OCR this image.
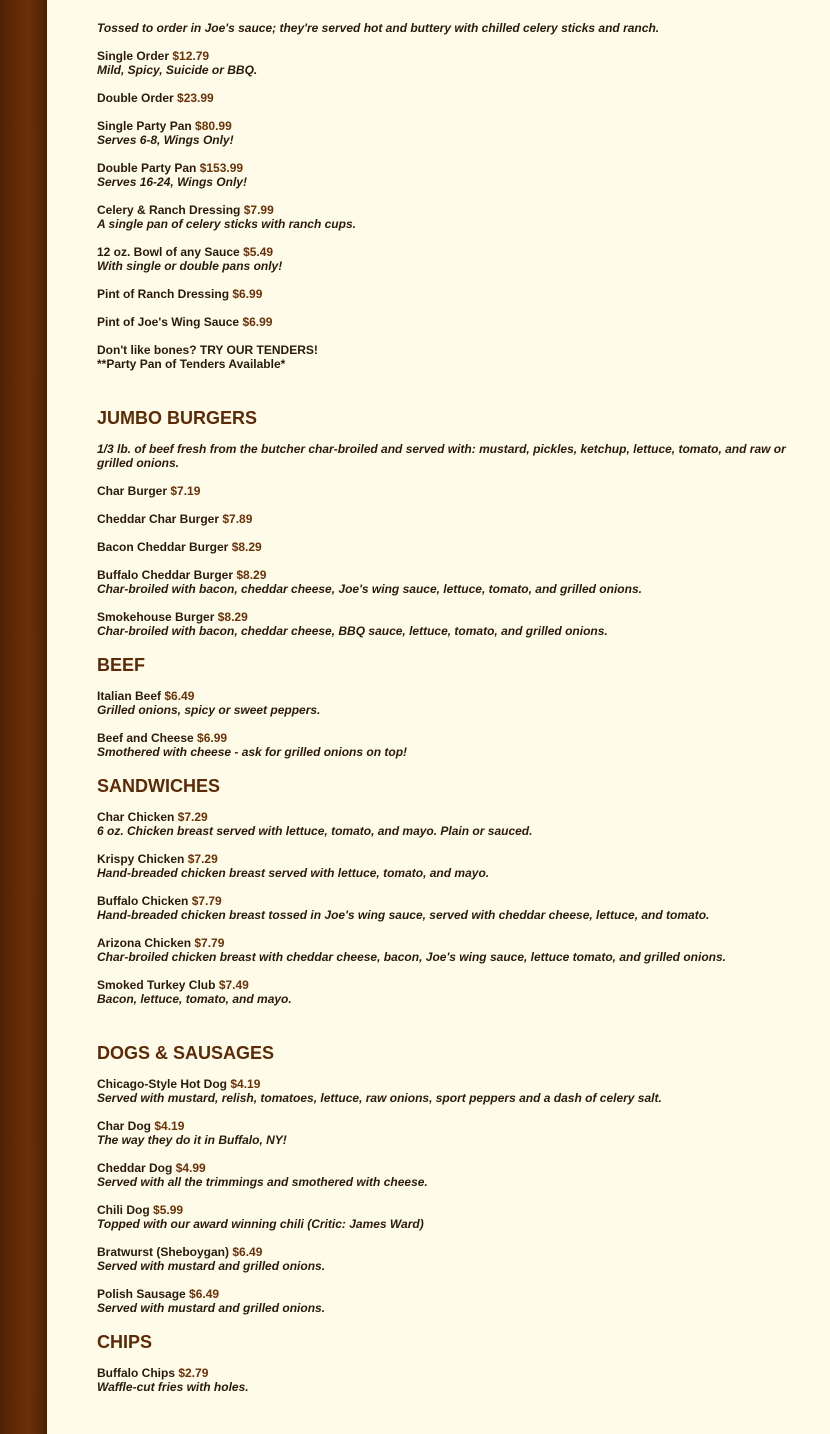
Tossed to order in Joe's sauce; they're served hot and buttery with chilled celery sticks and ranch.

Single Order $12.79
Mild, Spicy, Suicide or BBQ.

Double Order $23.99

Single Party Pan $80.99
Serves 6-8, Wings Only!

Double Party Pan $153.99
Serves 16-24, Wings Only!

Celery & Ranch Dressing $7.99
A single pan of celery sticks with ranch cups.

12 oz. Bowl of any Sauce $5.49
With single or double pans only!

Pint of Ranch Dressing $6.99

Pint of Joe's Wing Sauce $6.99

Don't like bones? TRY OUR TENDERS!
**Party Pan of Tenders Available*

JUMBO BURGERS

1/3 lb. of beef fresh from the butcher char-broiled and served with: mustard, pickles, ketchup, lettuce, tomato, and raw or grilled onions.

Char Burger $7.19

Cheddar Char Burger $7.89

Bacon Cheddar Burger $8.29

Buffalo Cheddar Burger $8.29
Char-broiled with bacon, cheddar cheese, Joe's wing sauce, lettuce, tomato, and grilled onions.

Smokehouse Burger $8.29
Char-broiled with bacon, cheddar cheese, BBQ sauce, lettuce, tomato, and grilled onions.

BEEF

Italian Beef $6.49
Grilled onions, spicy or sweet peppers.

Beef and Cheese $6.99
Smothered with cheese - ask for grilled onions on top!

SANDWICHES

Char Chicken $7.29
6 oz. Chicken breast served with lettuce, tomato, and mayo. Plain or sauced.

Krispy Chicken $7.29
Hand-breaded chicken breast served with lettuce, tomato, and mayo.

Buffalo Chicken $7.79
Hand-breaded chicken breast tossed in Joe's wing sauce, served with cheddar cheese, lettuce, and tomato.

Arizona Chicken $7.79
Char-broiled chicken breast with cheddar cheese, bacon, Joe's wing sauce, lettuce tomato, and grilled onions.

Smoked Turkey Club $7.49
Bacon, lettuce, tomato, and mayo.

DOGS & SAUSAGES

Chicago-Style Hot Dog $4.19
Served with mustard, relish, tomatoes, lettuce, raw onions, sport peppers and a dash of celery salt.

Char Dog $4.19
The way they do it in Buffalo, NY!

Cheddar Dog $4.99
Served with all the trimmings and smothered with cheese.

Chili Dog $5.99
Topped with our award winning chili (Critic: James Ward)

Bratwurst (Sheboygan) $6.49
Served with mustard and grilled onions.

Polish Sausage $6.49
Served with mustard and grilled onions.

CHIPS

Buffalo Chips $2.79
Waffle-cut fries with holes.
